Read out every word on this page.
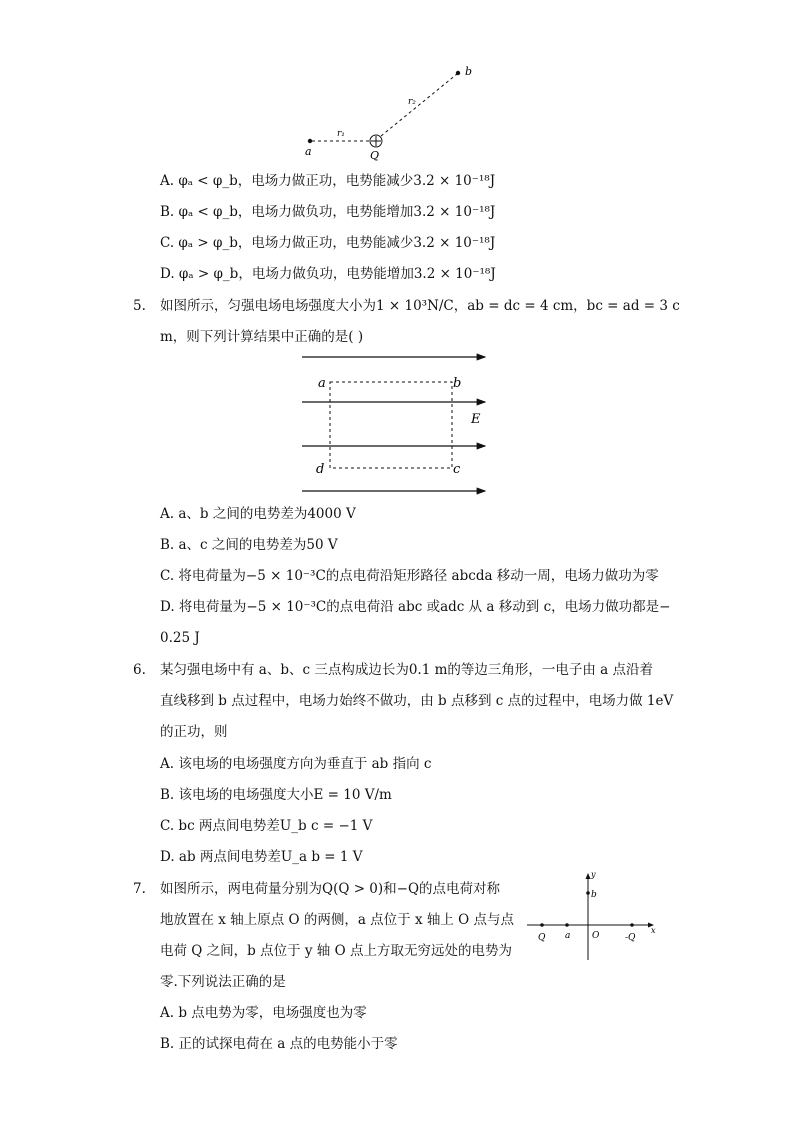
a	Q
b
r₁
r₂
A. φₐ < φ_b，电场力做正功，电势能减少3.2 × 10⁻¹⁸J
B. φₐ < φ_b，电场力做负功，电势能增加3.2 × 10⁻¹⁸J
C. φₐ > φ_b，电场力做正功，电势能减少3.2 × 10⁻¹⁸J
D. φₐ > φ_b，电场力做负功，电势能增加3.2 × 10⁻¹⁸J
5. 如图所示，匀强电场电场强度大小为1 × 10³N/C，ab = dc = 4 cm，bc = ad = 3 c
m，则下列计算结果中正确的是( )
a	b
c
d
E
A. a、b 之间的电势差为4000 V
B. a、c 之间的电势差为50 V
C. 将电荷量为−5 × 10⁻³C的点电荷沿矩形路径 abcda 移动一周，电场力做功为零
D. 将电荷量为−5 × 10⁻³C的点电荷沿 abc 或adc 从 a 移动到 c，电场力做功都是−
0.25 J
6. 某匀强电场中有 a、b、c 三点构成边长为0.1 m的等边三角形，一电子由 a 点沿着
直线移到 b 点过程中，电场力始终不做功，由 b 点移到 c 点的过程中，电场力做 1eV
的正功，则
A. 该电场的电场强度方向为垂直于 ab 指向 c
B. 该电场的电场强度大小E = 10 V/m
C. bc 两点间电势差U_b c = −1 V
D. ab 两点间电势差U_a b = 1 V
7. 如图所示，两电荷量分别为Q(Q > 0)和−Q的点电荷对称
地放置在 x 轴上原点 O 的两侧，a 点位于 x 轴上 O 点与点
电荷 Q 之间，b 点位于 y 轴 O 点上方取无穷远处的电势为
零.下列说法正确的是
y
b
Q a O	-Q
x
A. b 点电势为零，电场强度也为零
B. 正的试探电荷在 a 点的电势能小于零
